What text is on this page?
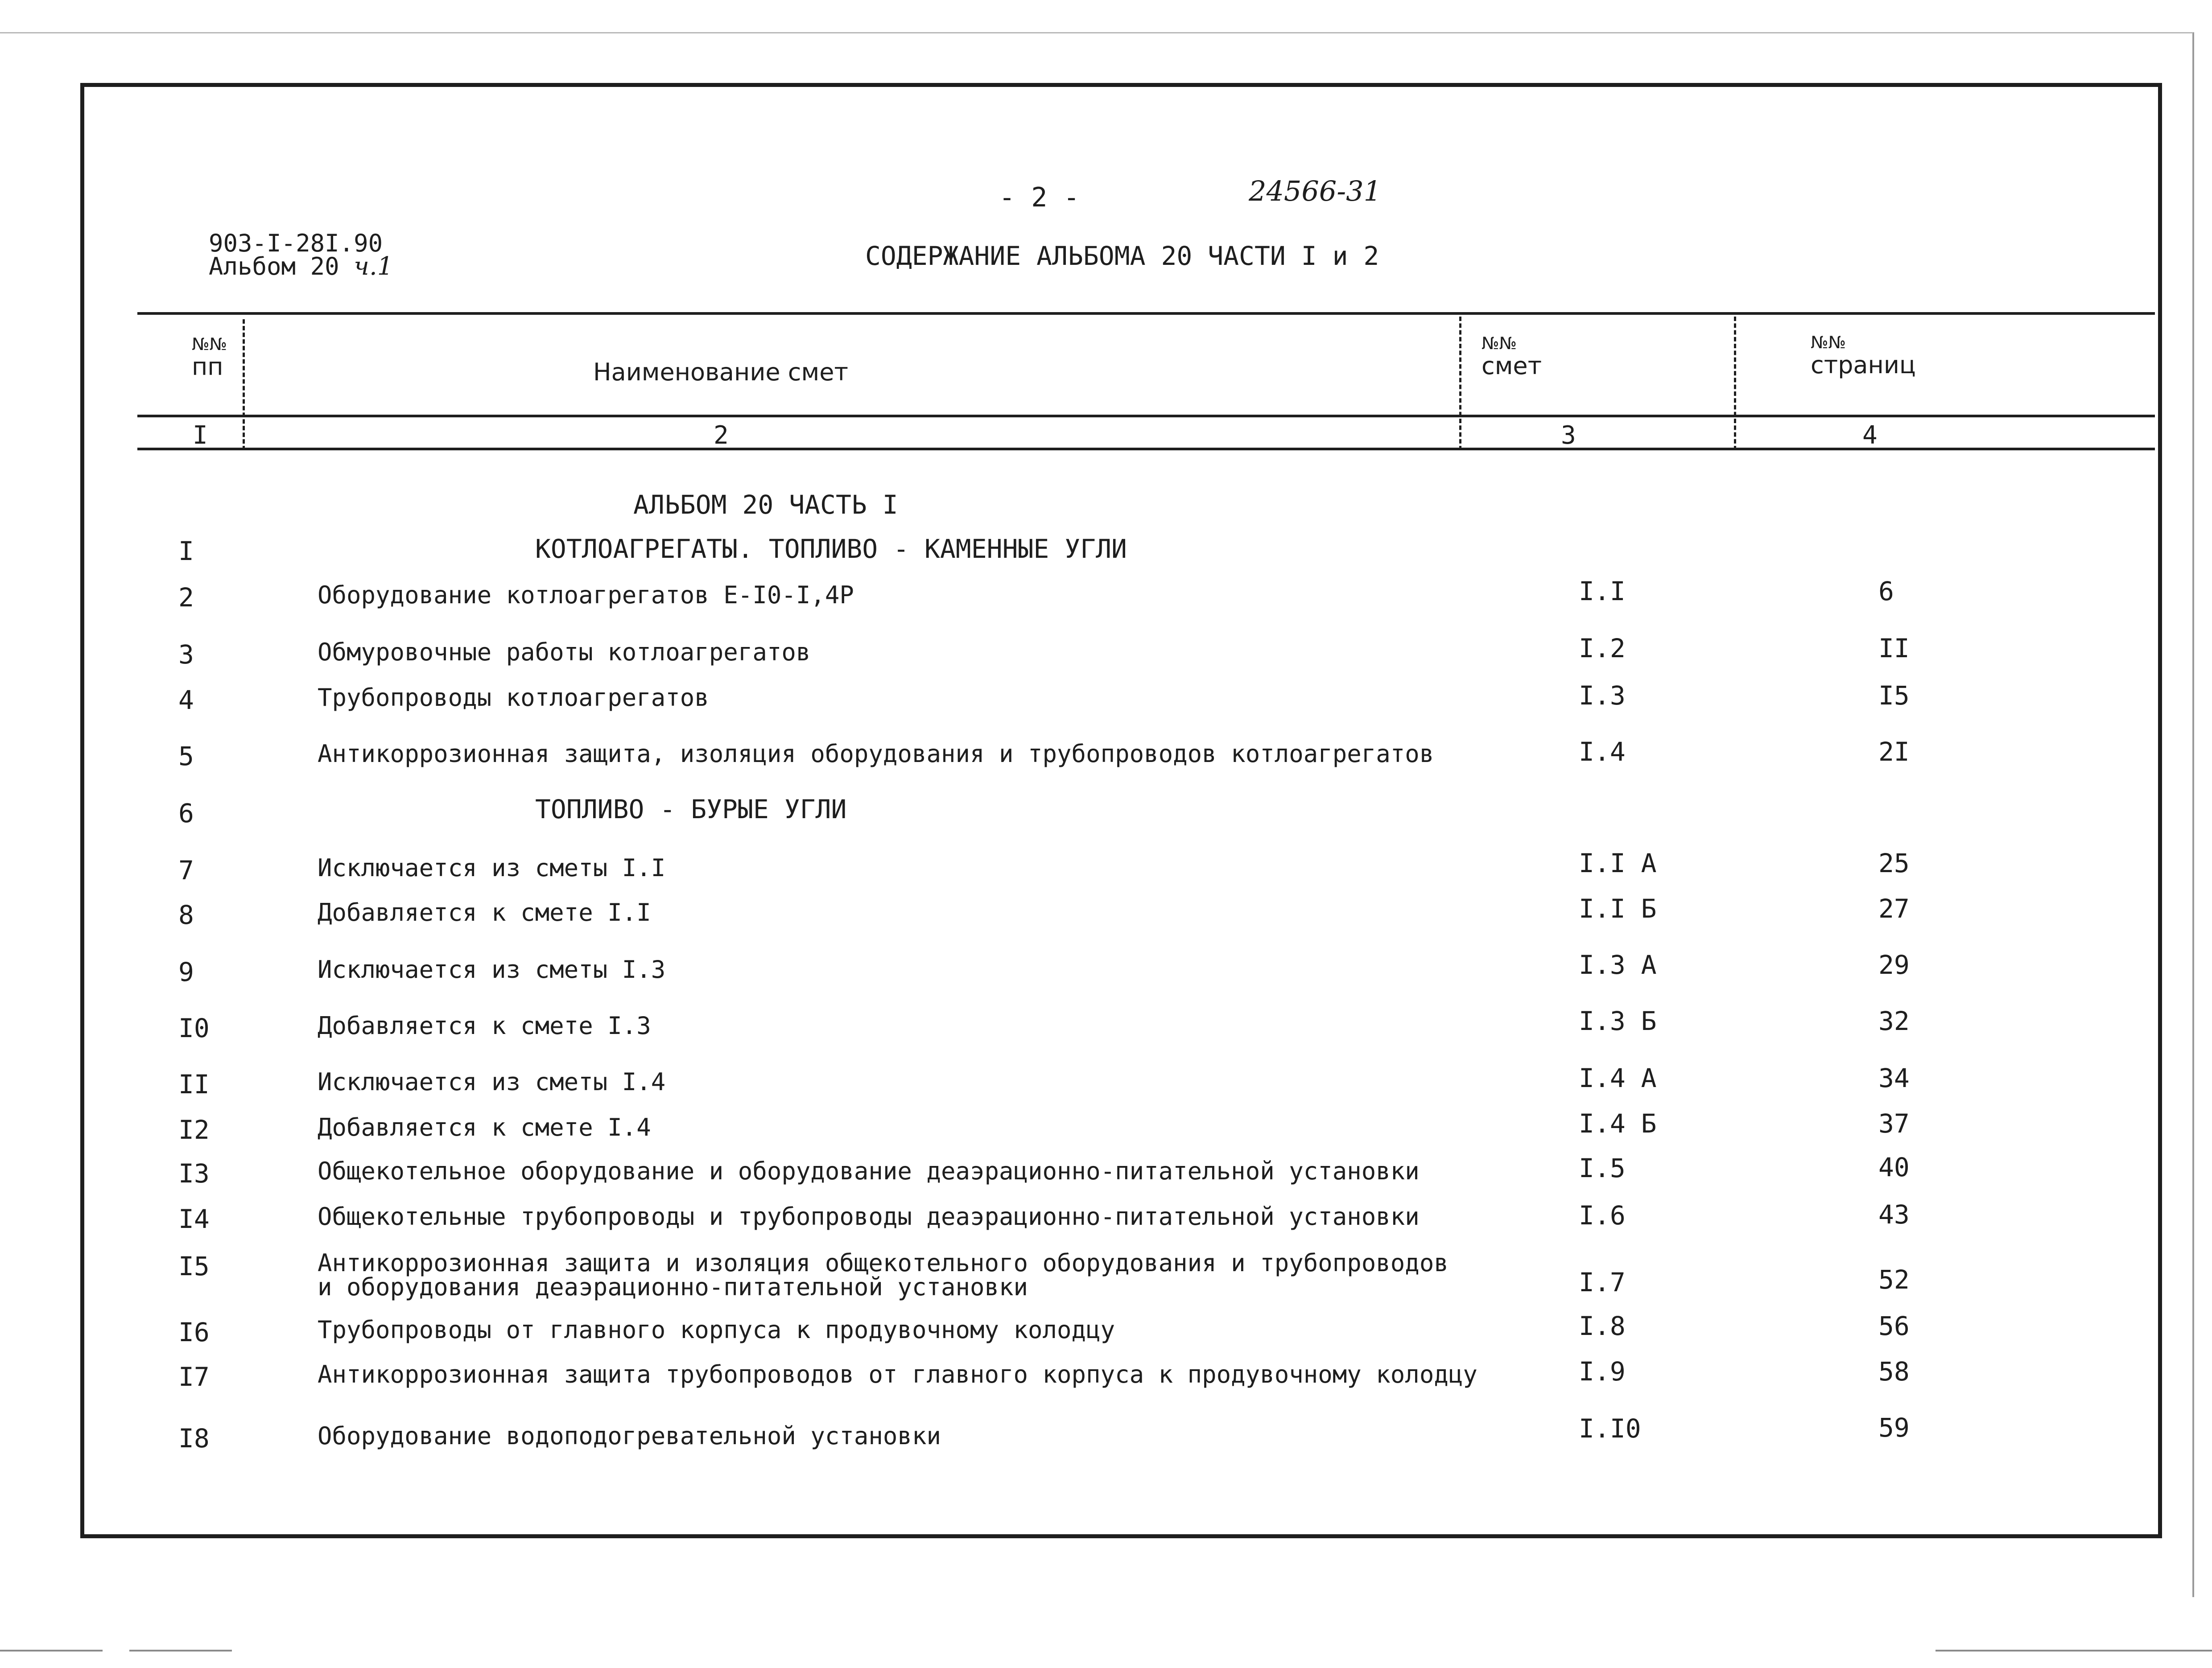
903-I-28I.90
Альбом 20 ч.1
- 2 -	24566-31
СОДЕРЖАНИЕ АЛЬБОМА 20 ЧАСТИ I и 2
№№
пп	Наименование смет
№№
смет
№№
страниц
I	2	3	4
АЛЬБОМ 20 ЧАСТЬ I
I	КОТЛОАГРЕГАТЫ. ТОПЛИВО - КАМЕННЫЕ УГЛИ
2	Оборудование котлоагрегатов Е-I0-I,4Р	I.I	6
3	Обмуровочные работы котлоагрегатов	I.2	II
4	Трубопроводы котлоагрегатов	I.3	I5
5	Антикоррозионная защита, изоляция оборудования и трубопроводов котлоагрегатов	I.4	2I
6	ТОПЛИВО - БУРЫЕ УГЛИ
7	Исключается из сметы I.I	I.I А	25
8	Добавляется к смете I.I	I.I Б	27
9	Исключается из сметы I.3	I.3 А	29
I0	Добавляется к смете I.3	I.3 Б	32
II	Исключается из сметы I.4	I.4 А	34
I2	Добавляется к смете I.4	I.4 Б	37
I3	Общекотельное оборудование и оборудование деаэрационно-питательной установки	I.5	40
I4	Общекотельные трубопроводы и трубопроводы деаэрационно-питательной установки	I.6	43
I5	Антикоррозионная защита и изоляция общекотельного оборудования и трубопроводов
и оборудования деаэрационно-питательной установки	I.7	52
I6	Трубопроводы от главного корпуса к продувочному колодцу	I.8	56
I7	Антикоррозионная защита трубопроводов от главного корпуса к продувочному колодцу	I.9	58
I8	Оборудование водоподогревательной установки	I.I0	59
